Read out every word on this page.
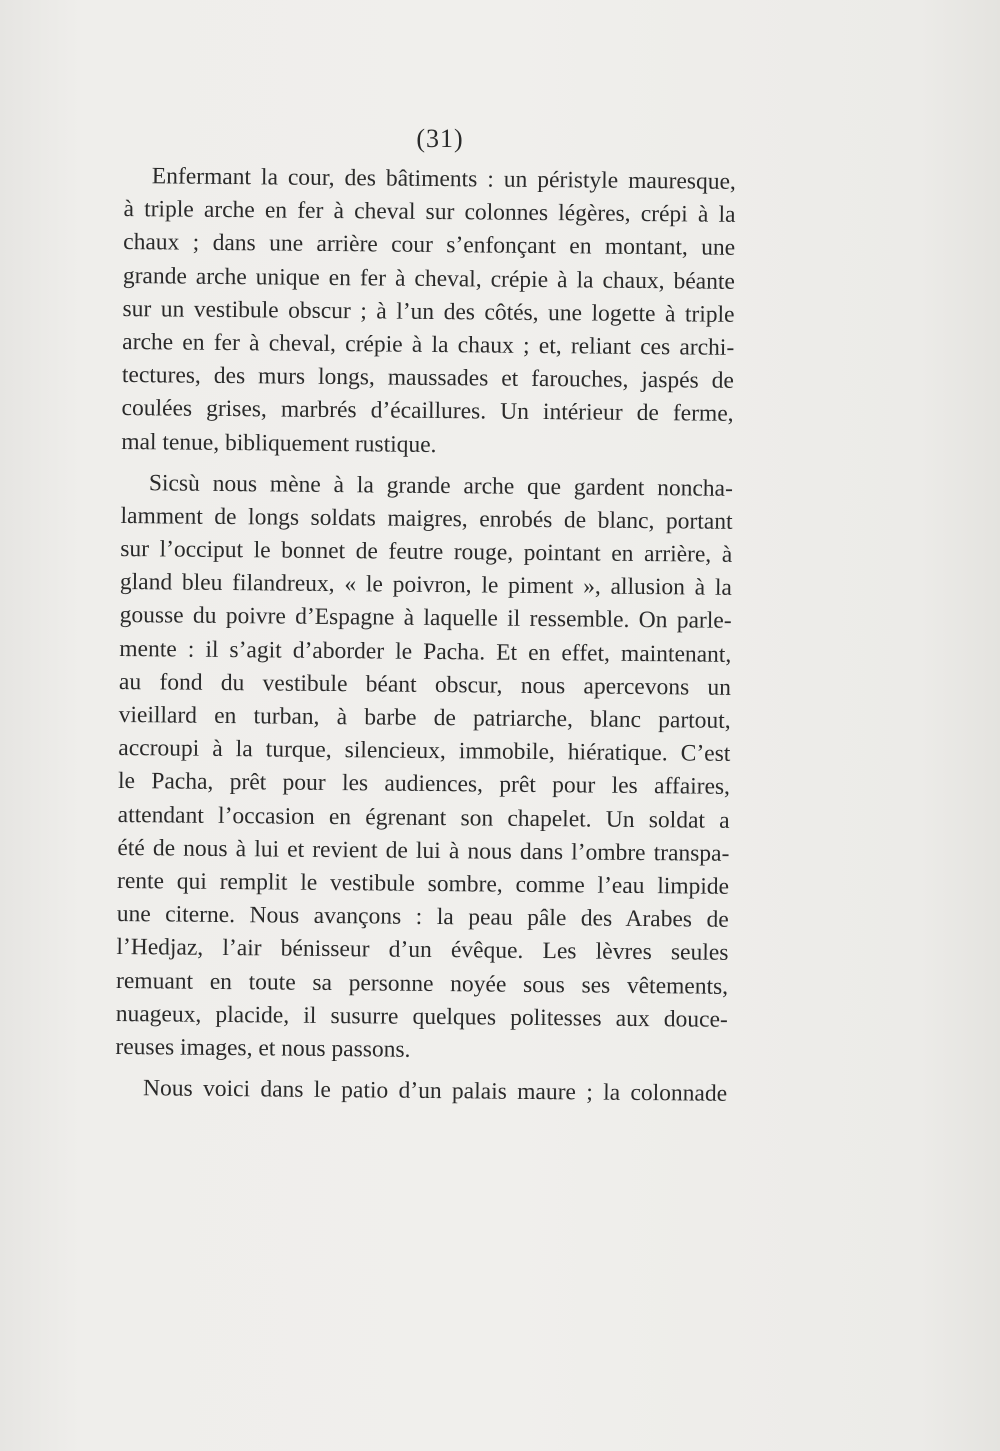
(31)
Enfermant la cour, des bâtiments : un péristyle mauresque,
à triple arche en fer à cheval sur colonnes légères, crépi à la
chaux ; dans une arrière cour s’enfonçant en montant, une
grande arche unique en fer à cheval, crépie à la chaux, béante
sur un vestibule obscur ; à l’un des côtés, une logette à triple
arche en fer à cheval, crépie à la chaux ; et, reliant ces archi-
tectures, des murs longs, maussades et farouches, jaspés de
coulées grises, marbrés d’écaillures. Un intérieur de ferme,
mal tenue, bibliquement rustique.
Sicsù nous mène à la grande arche que gardent noncha-
lamment de longs soldats maigres, enrobés de blanc, portant
sur l’occiput le bonnet de feutre rouge, pointant en arrière, à
gland bleu filandreux, « le poivron, le piment », allusion à la
gousse du poivre d’Espagne à laquelle il ressemble. On parle-
mente : il s’agit d’aborder le Pacha. Et en effet, maintenant,
au fond du vestibule béant obscur, nous apercevons un
vieillard en turban, à barbe de patriarche, blanc partout,
accroupi à la turque, silencieux, immobile, hiératique. C’est
le Pacha, prêt pour les audiences, prêt pour les affaires,
attendant l’occasion en égrenant son chapelet. Un soldat a
été de nous à lui et revient de lui à nous dans l’ombre transpa-
rente qui remplit le vestibule sombre, comme l’eau limpide
une citerne. Nous avançons : la peau pâle des Arabes de
l’Hedjaz, l’air bénisseur d’un évêque. Les lèvres seules
remuant en toute sa personne noyée sous ses vêtements,
nuageux, placide, il susurre quelques politesses aux douce-
reuses images, et nous passons.
Nous voici dans le patio d’un palais maure ; la colonnade
